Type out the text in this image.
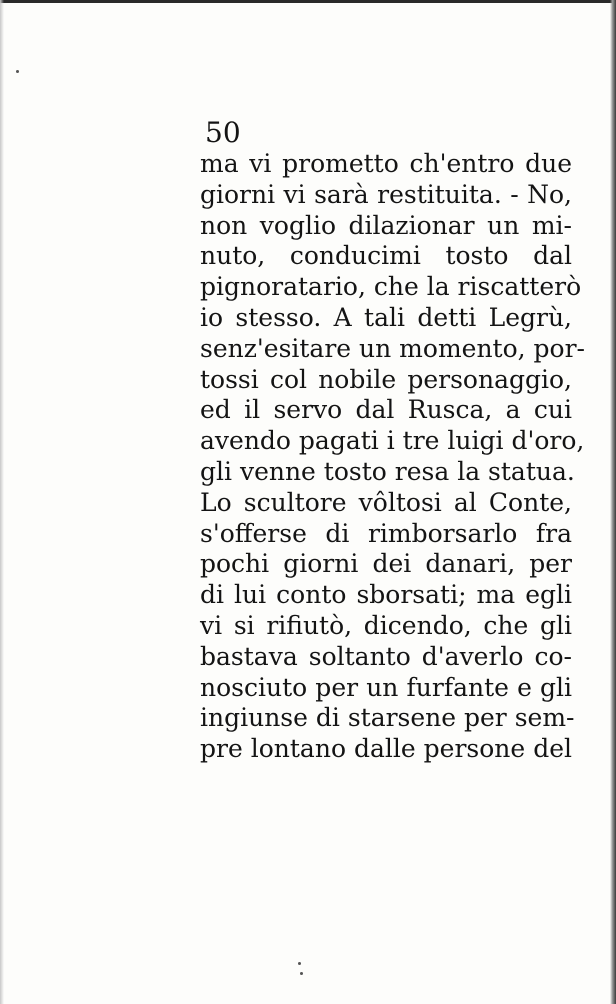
50
ma vi prometto ch'entro due
giorni vi sarà restituita. - No,
non voglio dilazionar un mi-
nuto, conducimi tosto dal
pignoratario, che la riscatterò
io stesso. A tali detti Legrù,
senz'esitare un momento, por-
tossi col nobile personaggio,
ed il servo dal Rusca, a cui
avendo pagati i tre luigi d'oro,
gli venne tosto resa la statua.
Lo scultore vôltosi al Conte,
s'offerse di rimborsarlo fra
pochi giorni dei danari, per
di lui conto sborsati; ma egli
vi si rifiutò, dicendo, che gli
bastava soltanto d'averlo co-
nosciuto per un furfante e gli
ingiunse di starsene per sem-
pre lontano dalle persone del
